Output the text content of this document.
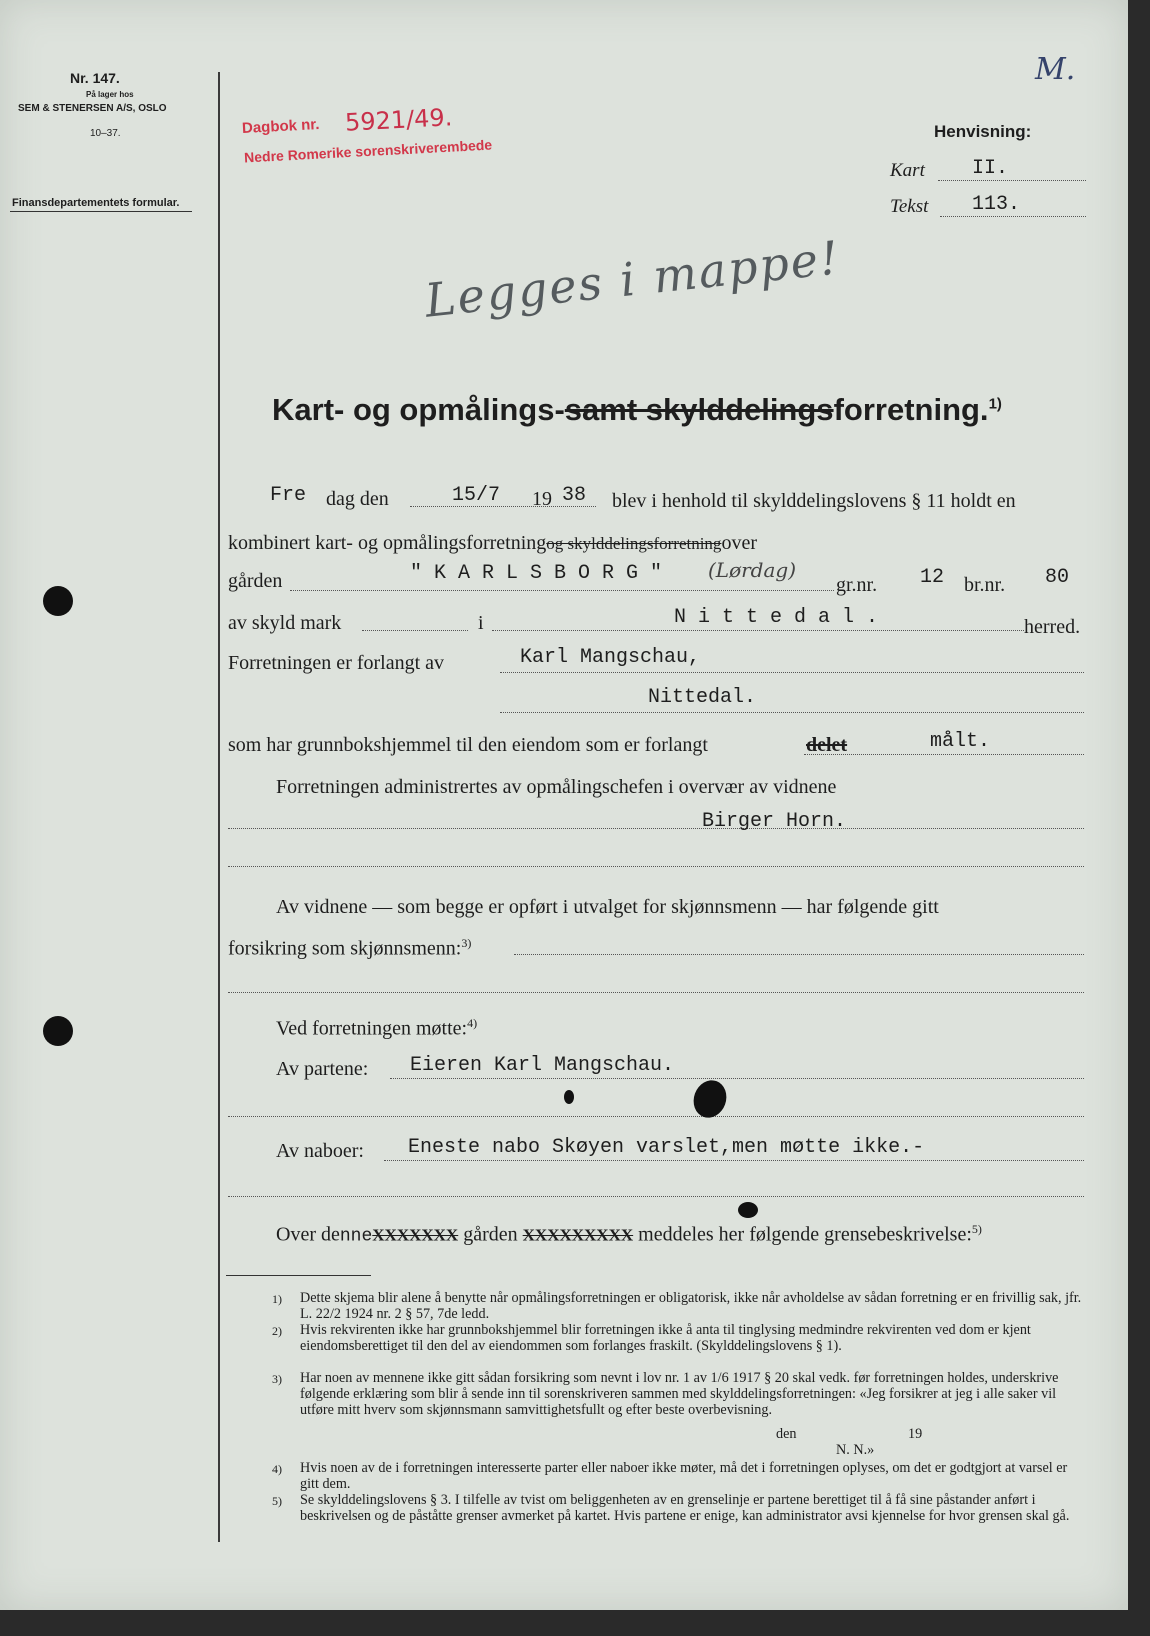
Nr. 147.
På lager hos
SEM & STENERSEN A/S, OSLO
10–37.
Finansdepartementets formular.
Dagbok nr. 5921/49.
Nedre Romerike sorenskriverembede
M.
Henvisning:
Kart II.
Tekst 113.
Legges i mappe!
Kart- og opmålings-samt skylddelingsforretning.$^{1)}$
Fre dag den	15/7 19 38 blev i henhold til skylddelingslovens § 11 holdt en
kombinert kart- og opmålingsforretningog skylddelingsforretningover
gården	" K A R L S B O R G " (Lørdag)
gr.nr. 12 br.nr. 80
av skyld mark	i	N i t t e d a l .	herred.
Forretningen er forlangt av	Karl Mangschau,
Nittedal.
som har grunnbokshjemmel til den eiendom som er forlangt	delet	målt.
Forretningen administrertes av opmålingschefen i overvær av vidnene
Birger Horn.
Av vidnene — som begge er opført i utvalget for skjønnsmenn — har følgende gitt
forsikring som skjønnsmenn:$^{3)}$
Ved forretningen møtte:$^{4)}$
Av partene: Eieren Karl Mangschau.
Av naboer: Eneste nabo Skøyen varslet,men møtte ikke.-
Over denneXXXXXXX gården XXXXXXXXX meddeles her følgende grensebeskrivelse:$^{5)}$
1) Dette skjema blir alene å benytte når opmålingsforretningen er obligatorisk, ikke når avholdelse av sådan forretning er en frivillig sak, jfr. L. 22/2 1924 nr. 2 § 57, 7de ledd.
2) Hvis rekvirenten ikke har grunnbokshjemmel blir forretningen ikke å anta til tinglysing medmindre rekvirenten ved dom er kjent eiendomsberettiget til den del av eiendommen som forlanges fraskilt. (Skylddelingslovens § 1).
3) Har noen av mennene ikke gitt sådan forsikring som nevnt i lov nr. 1 av 1/6 1917 § 20 skal vedk. før forretningen holdes, underskrive følgende erklæring som blir å sende inn til sorenskriveren sammen med skylddelingsforretningen: «Jeg forsikrer at jeg i alle saker vil utføre mitt hverv som skjønnsmann samvittighetsfullt og efter beste overbevisning.
den	19
N. N.»
4) Hvis noen av de i forretningen interesserte parter eller naboer ikke møter, må det i forretningen oplyses, om det er godtgjort at varsel er gitt dem.
5) Se skylddelingslovens § 3. I tilfelle av tvist om beliggenheten av en grenselinje er partene berettiget til å få sine påstander anført i beskrivelsen og de påståtte grenser avmerket på kartet. Hvis partene er enige, kan administrator avsi kjennelse for hvor grensen skal gå.
